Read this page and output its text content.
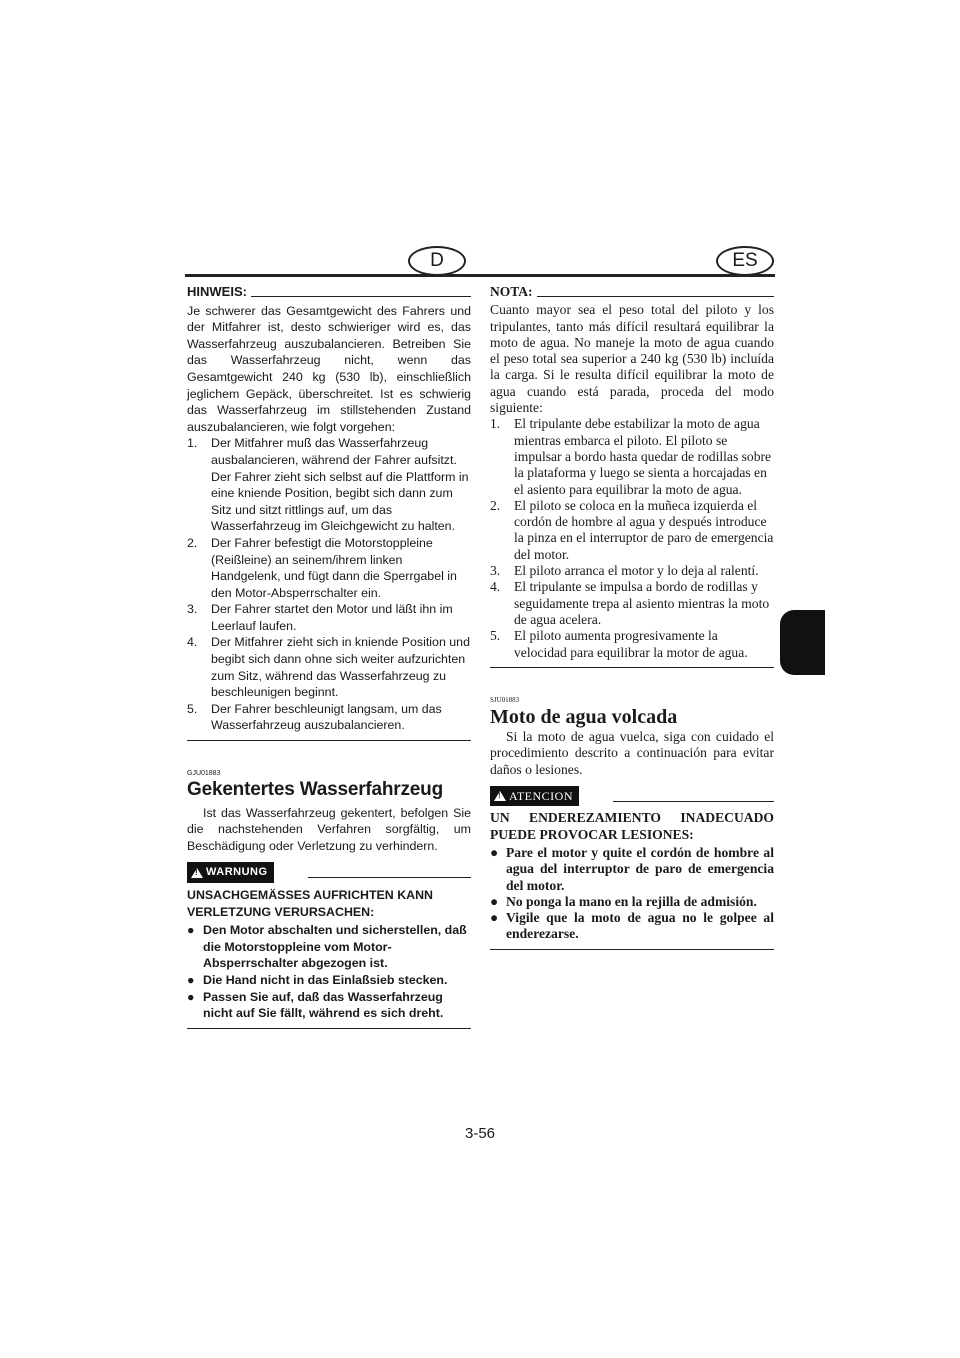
D	ES
HINWEIS:

Je schwerer das Gesamtgewicht des Fahrers und der Mitfahrer ist, desto schwieriger wird es, das Wasserfahrzeug auszubalancieren. Betreiben Sie das Wasserfahrzeug nicht, wenn das Gesamtgewicht 240 kg (530 lb), einschließlich jeglichem Gepäck, überschreitet. Ist es schwierig das Wasserfahrzeug im stillstehenden Zustand auszubalancieren, wie folgt vorgehen:

1. Der Mitfahrer muß das Wasserfahrzeug ausbalancieren, während der Fahrer aufsitzt. Der Fahrer zieht sich selbst auf die Plattform in eine kniende Position, begibt sich dann zum Sitz und sitzt rittlings auf, um das Wasserfahrzeug im Gleichgewicht zu halten.
2. Der Fahrer befestigt die Motorstoppleine (Reißleine) an seinem/ihrem linken Handgelenk, und fügt dann die Sperrgabel in den Motor-Absperrschalter ein.
3. Der Fahrer startet den Motor und läßt ihn im Leerlauf laufen.
4. Der Mitfahrer zieht sich in kniende Position und begibt sich dann ohne sich weiter aufzurichten zum Sitz, während das Wasserfahrzeug zu beschleunigen beginnt.
5. Der Fahrer beschleunigt langsam, um das Wasserfahrzeug auszubalancieren.
GJU01883
Gekentertes Wasserfahrzeug

Ist das Wasserfahrzeug gekentert, befolgen Sie die nachstehenden Verfahren sorgfältig, um Beschädigung oder Verletzung zu verhindern.

!
WARNUNG

UNSACHGEMÄSSES AUFRICHTEN KANN VERLETZUNG VERURSACHEN:

● Den Motor abschalten und sicherstellen, daß die Motorstoppleine vom Motor-Absperrschalter abgezogen ist.
● Die Hand nicht in das Einlaßsieb stecken.
● Passen Sie auf, daß das Wasserfahrzeug nicht auf Sie fällt, während es sich dreht.
NOTA:

Cuanto mayor sea el peso total del piloto y los tripulantes, tanto más difícil resultará equilibrar la moto de agua. No maneje la moto de agua cuando el peso total sea superior a 240 kg (530 lb) incluída la carga. Si le resulta difícil equilibrar la moto de agua cuando está parada, proceda del modo siguiente:

1. El tripulante debe estabilizar la moto de agua mientras embarca el piloto. El piloto se impulsar a bordo hasta quedar de rodillas sobre la plataforma y luego se sienta a horcajadas en el asiento para equilibrar la moto de agua.
2. El piloto se coloca en la muñeca izquierda el cordón de hombre al agua y después introduce la pinza en el interruptor de paro de emergencia del motor.
3. El piloto arranca el motor y lo deja al ralentí.
4. El tripulante se impulsa a bordo de rodillas y seguidamente trepa al asiento mientras la moto de agua acelera.
5. El piloto aumenta progresivamente la velocidad para equilibrar la motor de agua.
SJU01883
Moto de agua volcada

Si la moto de agua vuelca, siga con cuidado el procedimiento descrito a continuación para evitar daños o lesiones.

!
ATENCION

UN ENDEREZAMIENTO INADECUADO PUEDE PROVOCAR LESIONES:

● Pare el motor y quite el cordón de hombre al agua del interruptor de paro de emergencia del motor.
● No ponga la mano en la rejilla de admisión.
● Vigile que la moto de agua no le golpee al enderezarse.
3-56
